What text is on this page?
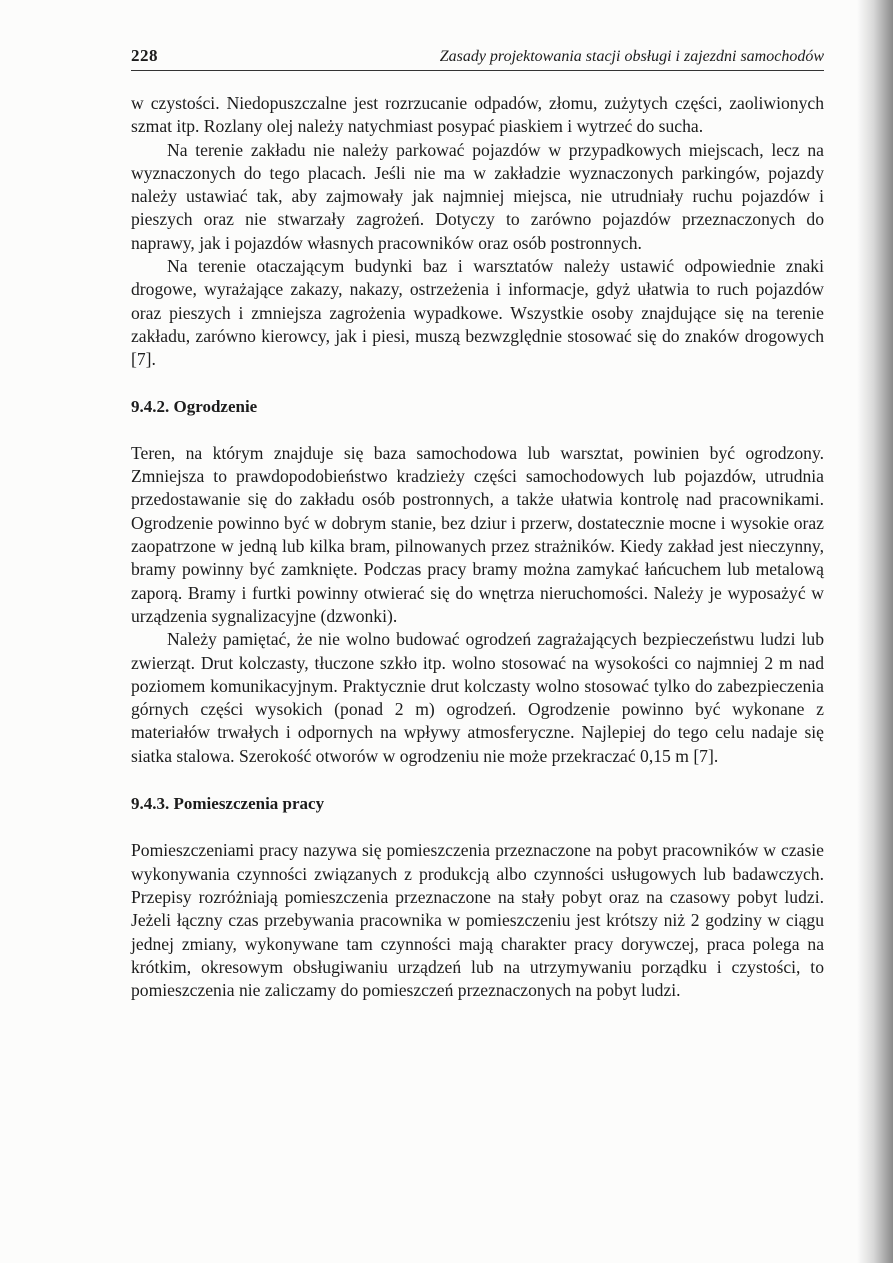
228	Zasady projektowania stacji obsługi i zajezdni samochodów

w czystości. Niedopuszczalne jest rozrzucanie odpadów, złomu, zużytych części, zaoliwionych szmat itp. Rozlany olej należy natychmiast posypać piaskiem i wytrzeć do sucha.

Na terenie zakładu nie należy parkować pojazdów w przypadkowych miejscach, lecz na wyznaczonych do tego placach. Jeśli nie ma w zakładzie wyznaczonych parkingów, pojazdy należy ustawiać tak, aby zajmowały jak najmniej miejsca, nie utrudniały ruchu pojazdów i pieszych oraz nie stwarzały zagrożeń. Dotyczy to zarówno pojazdów przeznaczonych do naprawy, jak i pojazdów własnych pracowników oraz osób postronnych.

Na terenie otaczającym budynki baz i warsztatów należy ustawić odpowiednie znaki drogowe, wyrażające zakazy, nakazy, ostrzeżenia i informacje, gdyż ułatwia to ruch pojazdów oraz pieszych i zmniejsza zagrożenia wypadkowe. Wszystkie osoby znajdujące się na terenie zakładu, zarówno kierowcy, jak i piesi, muszą bezwzględnie stosować się do znaków drogowych [7].

9.4.2. Ogrodzenie

Teren, na którym znajduje się baza samochodowa lub warsztat, powinien być ogrodzony. Zmniejsza to prawdopodobieństwo kradzieży części samochodowych lub pojazdów, utrudnia przedostawanie się do zakładu osób postronnych, a także ułatwia kontrolę nad pracownikami. Ogrodzenie powinno być w dobrym stanie, bez dziur i przerw, dostatecznie mocne i wysokie oraz zaopatrzone w jedną lub kilka bram, pilnowanych przez strażników. Kiedy zakład jest nieczynny, bramy powinny być zamknięte. Podczas pracy bramy można zamykać łańcuchem lub metalową zaporą. Bramy i furtki powinny otwierać się do wnętrza nieruchomości. Należy je wyposażyć w urządzenia sygnalizacyjne (dzwonki).

Należy pamiętać, że nie wolno budować ogrodzeń zagrażających bezpieczeństwu ludzi lub zwierząt. Drut kolczasty, tłuczone szkło itp. wolno stosować na wysokości co najmniej 2 m nad poziomem komunikacyjnym. Praktycznie drut kolczasty wolno stosować tylko do zabezpieczenia górnych części wysokich (ponad 2 m) ogrodzeń. Ogrodzenie powinno być wykonane z materiałów trwałych i odpornych na wpływy atmosferyczne. Najlepiej do tego celu nadaje się siatka stalowa. Szerokość otworów w ogrodzeniu nie może przekraczać 0,15 m [7].

9.4.3. Pomieszczenia pracy

Pomieszczeniami pracy nazywa się pomieszczenia przeznaczone na pobyt pracowników w czasie wykonywania czynności związanych z produkcją albo czynności usługowych lub badawczych. Przepisy rozróżniają pomieszczenia przeznaczone na stały pobyt oraz na czasowy pobyt ludzi. Jeżeli łączny czas przebywania pracownika w pomieszczeniu jest krótszy niż 2 godziny w ciągu jednej zmiany, wykonywane tam czynności mają charakter pracy dorywczej, praca polega na krótkim, okresowym obsługiwaniu urządzeń lub na utrzymywaniu porządku i czystości, to pomieszczenia nie zaliczamy do pomieszczeń przeznaczonych na pobyt ludzi.
